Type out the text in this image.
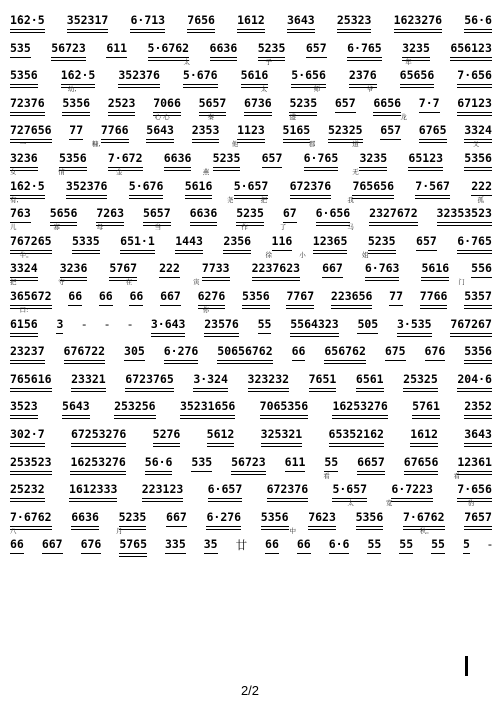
1̇6̇2·5 352317 6·713 7656 1612 3643 25323 1623276 56·6
535 56723 611 5·6762 6636 5235 657 6·765 3235 656123
太	子	年
5356 1̇6̇2·5 352376 5·676 5616 5·656 2376 65656 7·656
幼,	太	师	爷
72376 5356 2523 7066 5657 6736 5235 657 6656 7·7 67123
心 心	秦	盛	龙
727656 77 7766 5643 2353 1123 5165 52325 657 6765 3324
一	糠,	他	郡	道	父
3236 5356 7·672 6636 5235 657 6·765 3235 65123 5356
女	情	金	燕	无
1̇6̇2·5 352376 5·676 5616 5·657 672376 765656 7·567 222
有,	尧	把	我	孤
763 5656 7263 5657 6636 5235 67 6·656 2327672 32353523
儿	寡	母	当	作	了	马
767265 5335 651·1 1443 2356 116 12365 5235 657 6·765
牛。	徐	小	姐
3324 3236 5767 222 7733 2237623 667 6·763 5616 556
把	守	在	寅	门
365672 66 66 66 667 6276 5356 7767 223656 77 7766 5357
口:	你
6156 3 - - - 3·643 23576 55 5564323 505 3·535 767267
23237 676722 305 6·276 50656762 66 656762 675 676 5356
765616 23321 6723765 3·324 323232 7651 6561 25325 204·6
3523 5643 253256 35231656 7065356 16253276 5761 2352
302·7 67253276 5276 5612 325321 65352162 1612 3643
253523 16253276 56·6 535 56723 611 55 6657 67656 12361
看	看
25232 1612333 223123 6·657 672376 5·657 6·7223 7·656
太	宽	豹
7·6762 6636 5235 667 6·276 5356 7623 5356 7·6762 7657
八	月	中	秋。
66 667 676 5765 335 35 廿 66 66 6·6 55 55 55 5 -
2/2
